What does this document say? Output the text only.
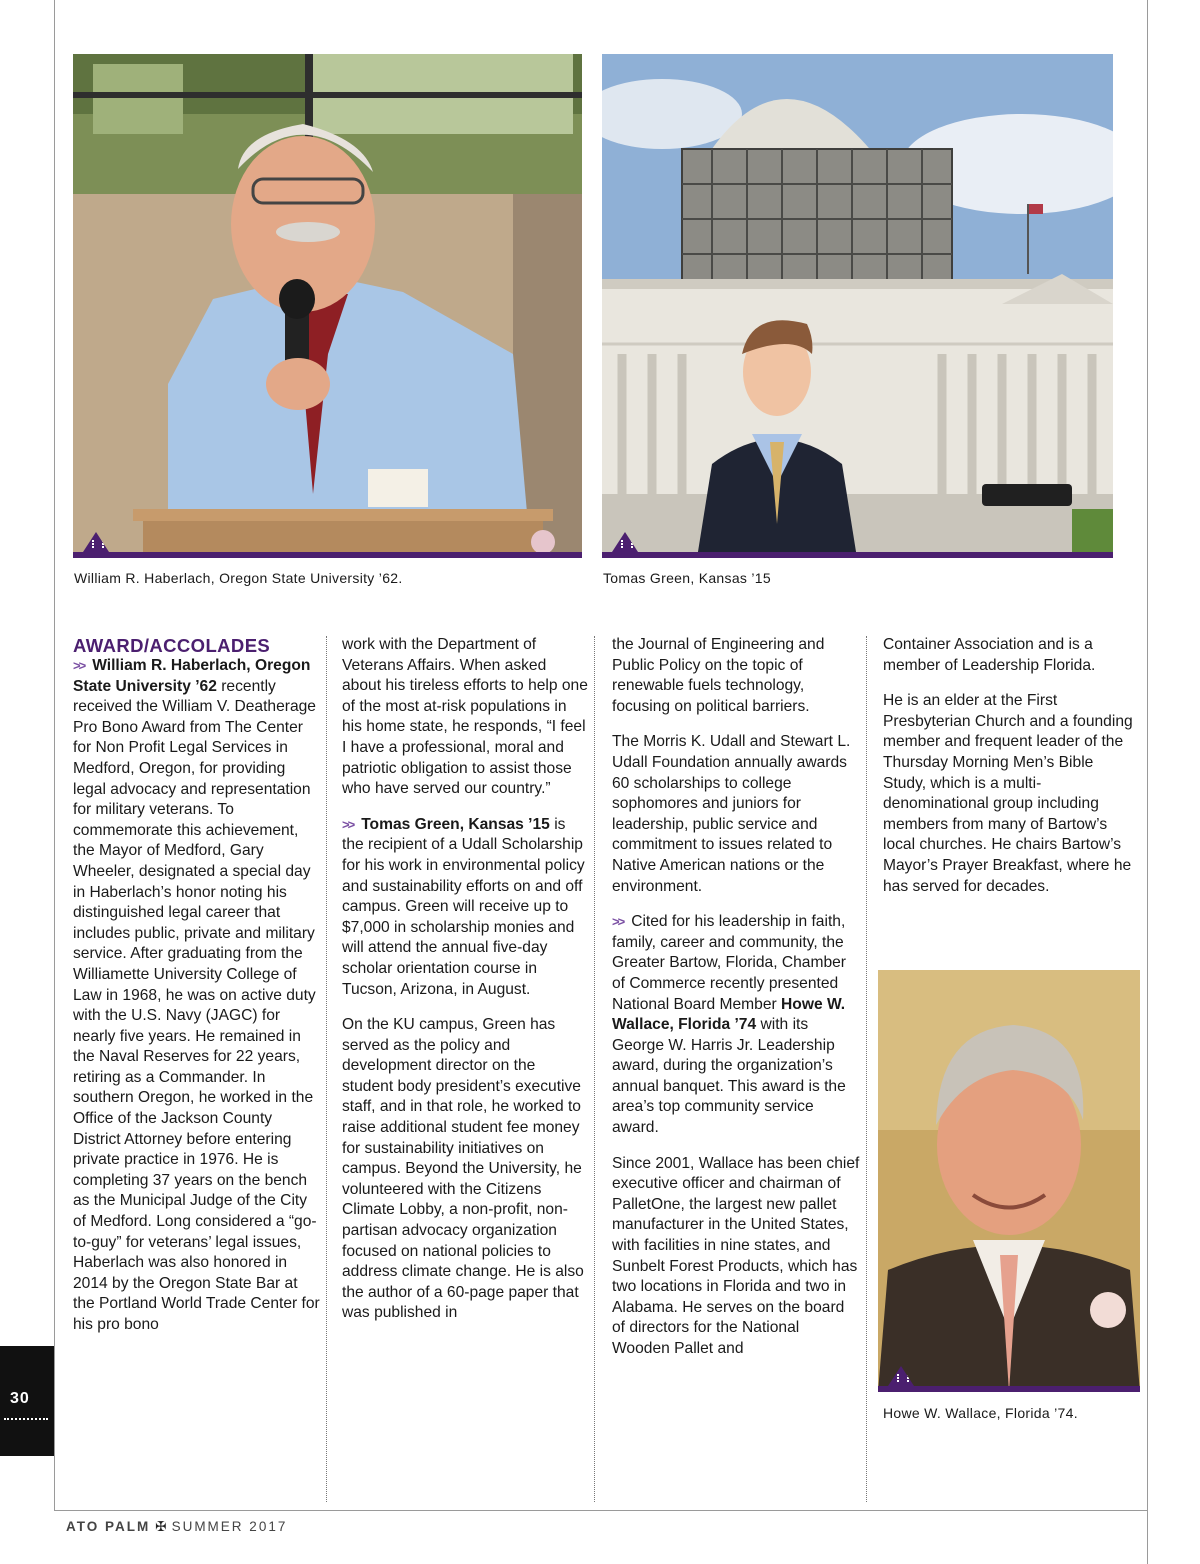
William R. Haberlach, Oregon State University ’62.	Tomas Green, Kansas ’15
AWARD/ACCOLADES
>> William R. Haberlach, Oregon State University ’62 recently received the William V. Deatherage Pro Bono Award from The Center for Non Profit Legal Services in Medford, Oregon, for providing legal advocacy and representation for military veterans. To commemorate this achievement, the Mayor of Medford, Gary Wheeler, designated a special day in Haberlach’s honor noting his distinguished legal career that includes public, private and military service. After graduating from the Williamette University College of Law in 1968, he was on active duty with the U.S. Navy (JAGC) for nearly five years. He remained in the Naval Reserves for 22 years, retiring as a Commander. In southern Oregon, he worked in the Office of the Jackson County District Attorney before entering private practice in 1976. He is completing 37 years on the bench as the Municipal Judge of the City of Medford. Long considered a “go-to-guy” for veterans’ legal issues, Haberlach was also honored in 2014 by the Oregon State Bar at the Portland World Trade Center for his pro bono

work with the Department of Veterans Affairs. When asked about his tireless efforts to help one of the most at-risk populations in his home state, he responds, “I feel I have a professional, moral and patriotic obligation to assist those who have served our country.”

>> Tomas Green, Kansas ’15 is the recipient of a Udall Scholarship for his work in environmental policy and sustainability efforts on and off campus. Green will receive up to $7,000 in scholarship monies and will attend the annual five-day scholar orientation course in Tucson, Arizona, in August.

On the KU campus, Green has served as the policy and development director on the student body president’s executive staff, and in that role, he worked to raise additional student fee money for sustainability initiatives on campus. Beyond the University, he volunteered with the Citizens Climate Lobby, a non-profit, non-partisan advocacy organization focused on national policies to address climate change. He is also the author of a 60-page paper that was published in

the Journal of Engineering and Public Policy on the topic of renewable fuels technology, focusing on political barriers.

The Morris K. Udall and Stewart L. Udall Foundation annually awards 60 scholarships to college sophomores and juniors for leadership, public service and commitment to issues related to Native American nations or the environment.

>> Cited for his leadership in faith, family, career and community, the Greater Bartow, Florida, Chamber of Commerce recently presented National Board Member Howe W. Wallace, Florida ’74 with its George W. Harris Jr. Leadership award, during the organization’s annual banquet. This award is the area’s top community service award.

Since 2001, Wallace has been chief executive officer and chairman of PalletOne, the largest new pallet manufacturer in the United States, with facilities in nine states, and Sunbelt Forest Products, which has two locations in Florida and two in Alabama. He serves on the board of directors for the National Wooden Pallet and

Container Association and is a member of Leadership Florida.

He is an elder at the First Presbyterian Church and a founding member and frequent leader of the Thursday Morning Men’s Bible Study, which is a multi-denominational group including members from many of Bartow’s local churches. He chairs Bartow’s Mayor’s Prayer Breakfast, where he has served for decades.

Howe W. Wallace, Florida ’74.
30
ATO PALM ✠ SUMMER 2017
